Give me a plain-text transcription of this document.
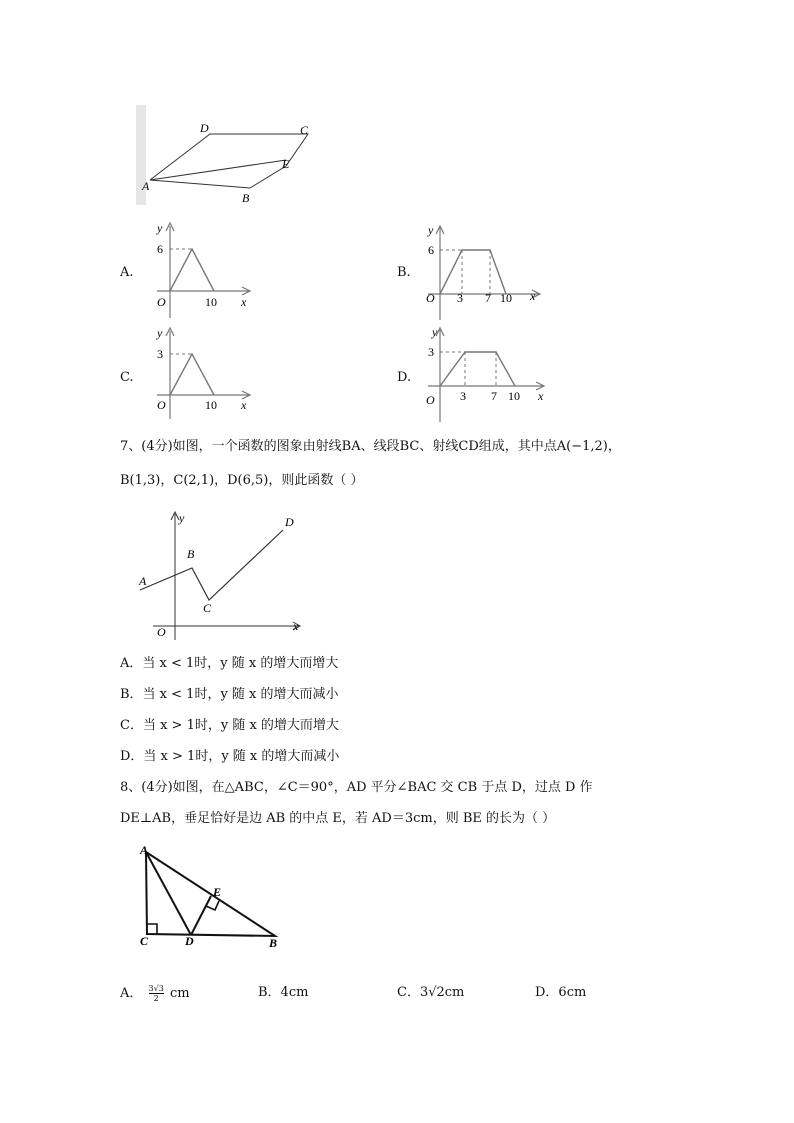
D	C
E
A
B
A.
y
x
O
6
10
B.
y
x
O
6
3 7 10
C.
y
x
O
3
10
D.
y
x
O
3
3 7 10
7、(4分)如图，一个函数的图象由射线BA、线段BC、射线CD组成，其中点A(−1,2)，
B(1,3)，C(2,1)，D(6,5)，则此函数（ ）
y
x
O
A
B
C
D
A．当 x < 1时，y 随 x 的增大而增大
B．当 x < 1时，y 随 x 的增大而减小
C．当 x > 1时，y 随 x 的增大而增大
D．当 x > 1时，y 随 x 的增大而减小
8、(4分)如图，在△ABC，∠C＝90°，AD 平分∠BAC 交 CB 于点 D，过点 D 作
DE⊥AB，垂足恰好是边 AB 的中点 E，若 AD＝3cm，则 BE 的长为（ ）
A
B
C	D
E
A． $\frac{3√3}{2}$ cm	B．4cm	C．3√2cm	D．6cm
